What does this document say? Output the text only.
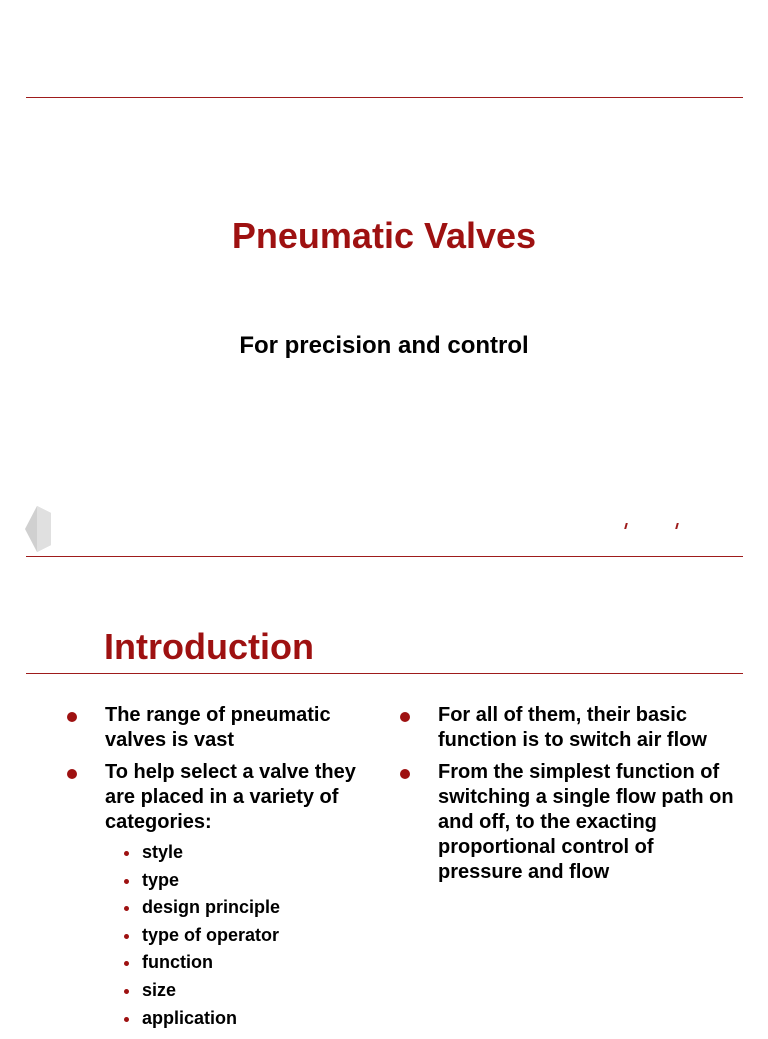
Pneumatic Valves

For precision and control

Introduction
The range of pneumatic valves is vast
To help select a valve they are placed in a variety of categories:
style
type
design principle
type of operator
function
size
application
For all of them, their basic function is to switch air flow
From the simplest function of switching a single flow path on and off, to the exacting proportional control of pressure and flow
